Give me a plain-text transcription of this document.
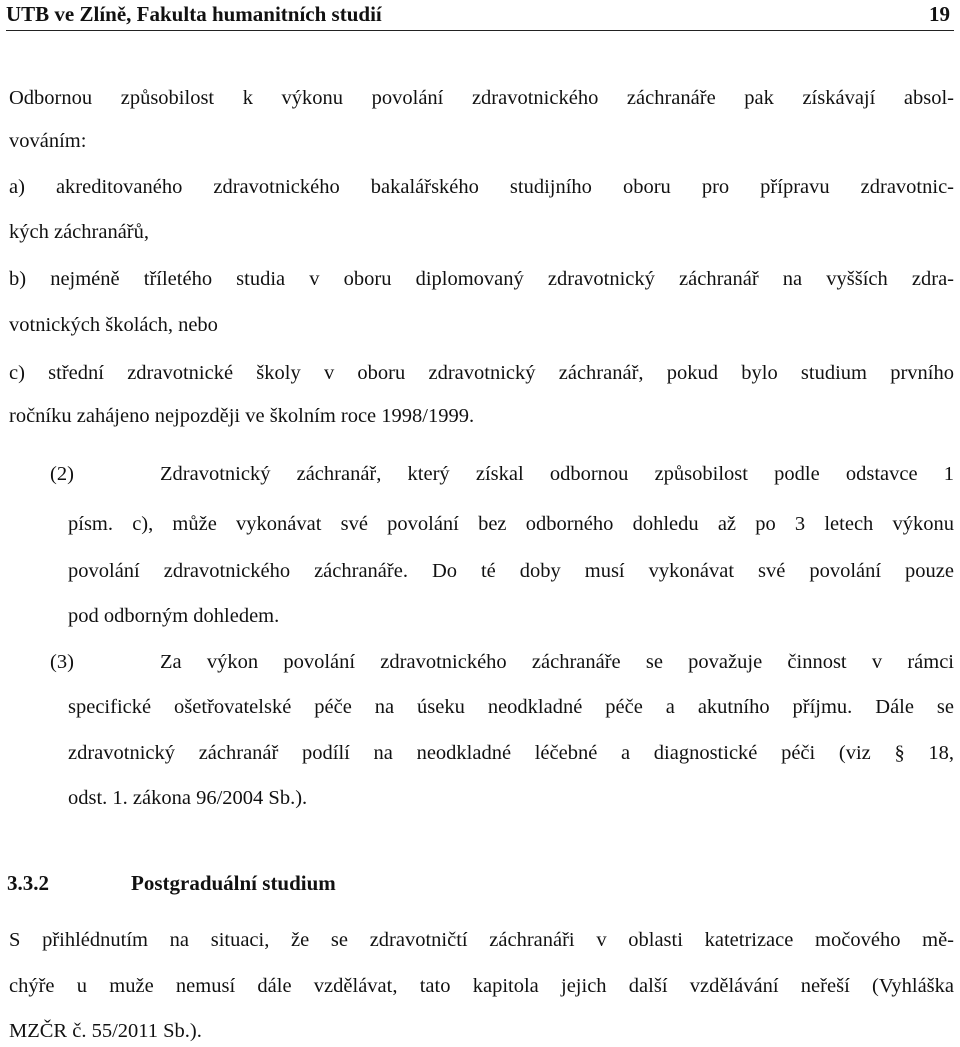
UTB ve Zlíně, Fakulta humanitních studií	19
Odbornou způsobilost k výkonu povolání zdravotnického záchranáře pak získávají absol-
vováním:
a) akreditovaného zdravotnického bakalářského studijního oboru pro přípravu zdravotnic-
kých záchranářů,
b) nejméně tříletého studia v oboru diplomovaný zdravotnický záchranář na vyšších zdra-
votnických školách, nebo
c) střední zdravotnické školy v oboru zdravotnický záchranář, pokud bylo studium prvního
ročníku zahájeno nejpozději ve školním roce 1998/1999.
(2)	Zdravotnický záchranář, který získal odbornou způsobilost podle odstavce 1
písm. c), může vykonávat své povolání bez odborného dohledu až po 3 letech výkonu
povolání zdravotnického záchranáře. Do té doby musí vykonávat své povolání pouze
pod odborným dohledem.
(3)	Za výkon povolání zdravotnického záchranáře se považuje činnost v rámci
specifické ošetřovatelské péče na úseku neodkladné péče a akutního příjmu. Dále se
zdravotnický záchranář podílí na neodkladné léčebné a diagnostické péči (viz § 18,
odst. 1. zákona 96/2004 Sb.).
3.3.2	Postgraduální studium
S přihlédnutím na situaci, že se zdravotničtí záchranáři v oblasti katetrizace močového mě-
chýře u muže nemusí dále vzdělávat, tato kapitola jejich další vzdělávání neřeší (Vyhláška
MZČR č. 55/2011 Sb.).
